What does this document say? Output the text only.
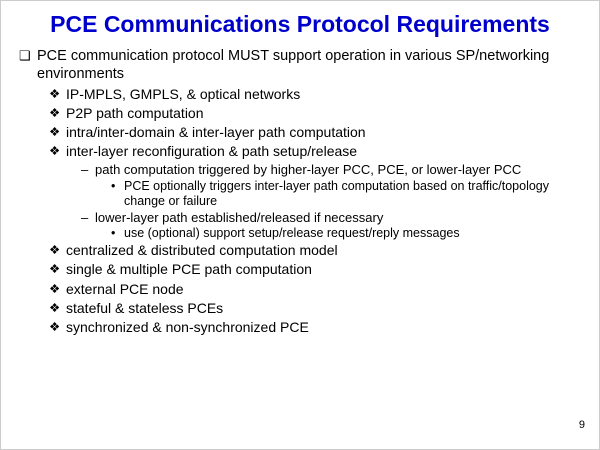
PCE Communications Protocol Requirements
❑ PCE communication protocol MUST support operation in various SP/networking environments
❖ IP-MPLS, GMPLS, & optical networks
❖ P2P path computation
❖ intra/inter-domain & inter-layer path computation
❖ inter-layer reconfiguration & path setup/release
– path computation triggered by higher-layer PCC, PCE, or lower-layer PCC
• PCE optionally triggers inter-layer path computation based on traffic/topology change or failure
– lower-layer path established/released if necessary
• use (optional) support setup/release request/reply messages
❖ centralized & distributed computation model
❖ single & multiple PCE path computation
❖ external PCE node
❖ stateful & stateless PCEs
❖ synchronized & non-synchronized PCE
9
